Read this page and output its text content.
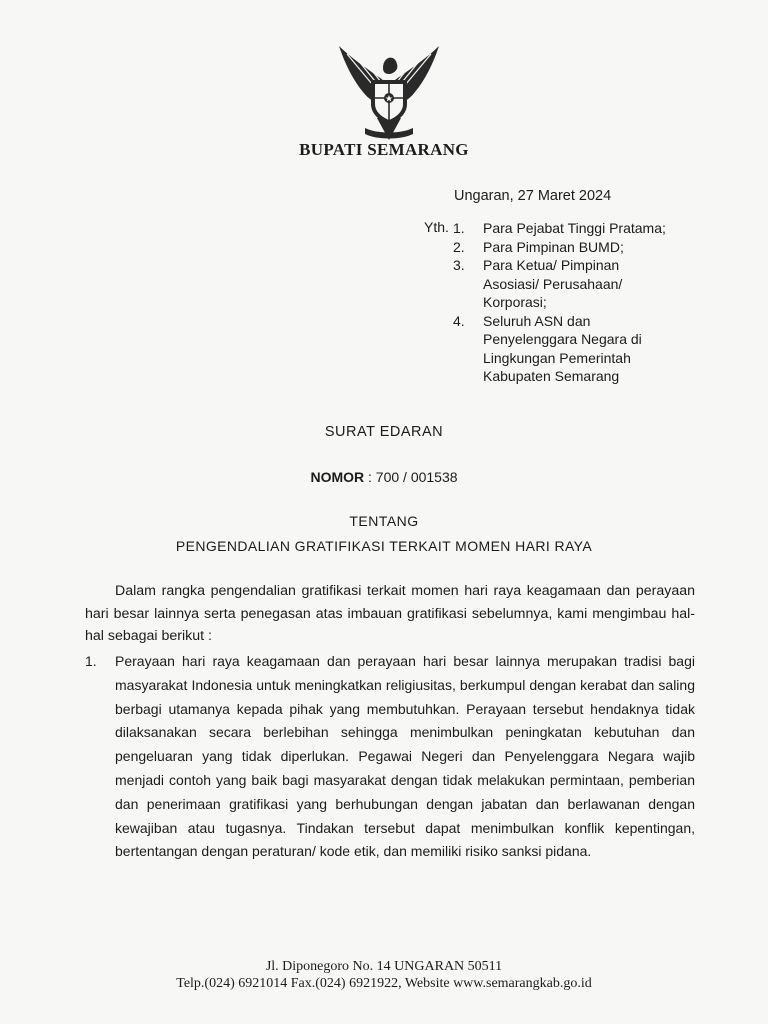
BUPATI SEMARANG
Ungaran, 27 Maret 2024
Yth. 1.	Para Pejabat Tinggi Pratama;
2.	Para Pimpinan BUMD;
3.	Para Ketua/ Pimpinan Asosiasi/ Perusahaan/ Korporasi;
4.	Seluruh ASN dan Penyelenggara Negara di Lingkungan Pemerintah Kabupaten Semarang
SURAT EDARAN
NOMOR : 700 / 001538
TENTANG
PENGENDALIAN GRATIFIKASI TERKAIT MOMEN HARI RAYA
Dalam rangka pengendalian gratifikasi terkait momen hari raya keagamaan dan perayaan hari besar lainnya serta penegasan atas imbauan gratifikasi sebelumnya, kami mengimbau hal-hal sebagai berikut :
1.	Perayaan hari raya keagamaan dan perayaan hari besar lainnya merupakan tradisi bagi masyarakat Indonesia untuk meningkatkan religiusitas, berkumpul dengan kerabat dan saling berbagi utamanya kepada pihak yang membutuhkan. Perayaan tersebut hendaknya tidak dilaksanakan secara berlebihan sehingga menimbulkan peningkatan kebutuhan dan pengeluaran yang tidak diperlukan. Pegawai Negeri dan Penyelenggara Negara wajib menjadi contoh yang baik bagi masyarakat dengan tidak melakukan permintaan, pemberian dan penerimaan gratifikasi yang berhubungan dengan jabatan dan berlawanan dengan kewajiban atau tugasnya. Tindakan tersebut dapat menimbulkan konflik kepentingan, bertentangan dengan peraturan/ kode etik, dan memiliki risiko sanksi pidana.
Jl. Diponegoro No. 14 UNGARAN 50511
Telp.(024) 6921014 Fax.(024) 6921922, Website www.semarangkab.go.id
